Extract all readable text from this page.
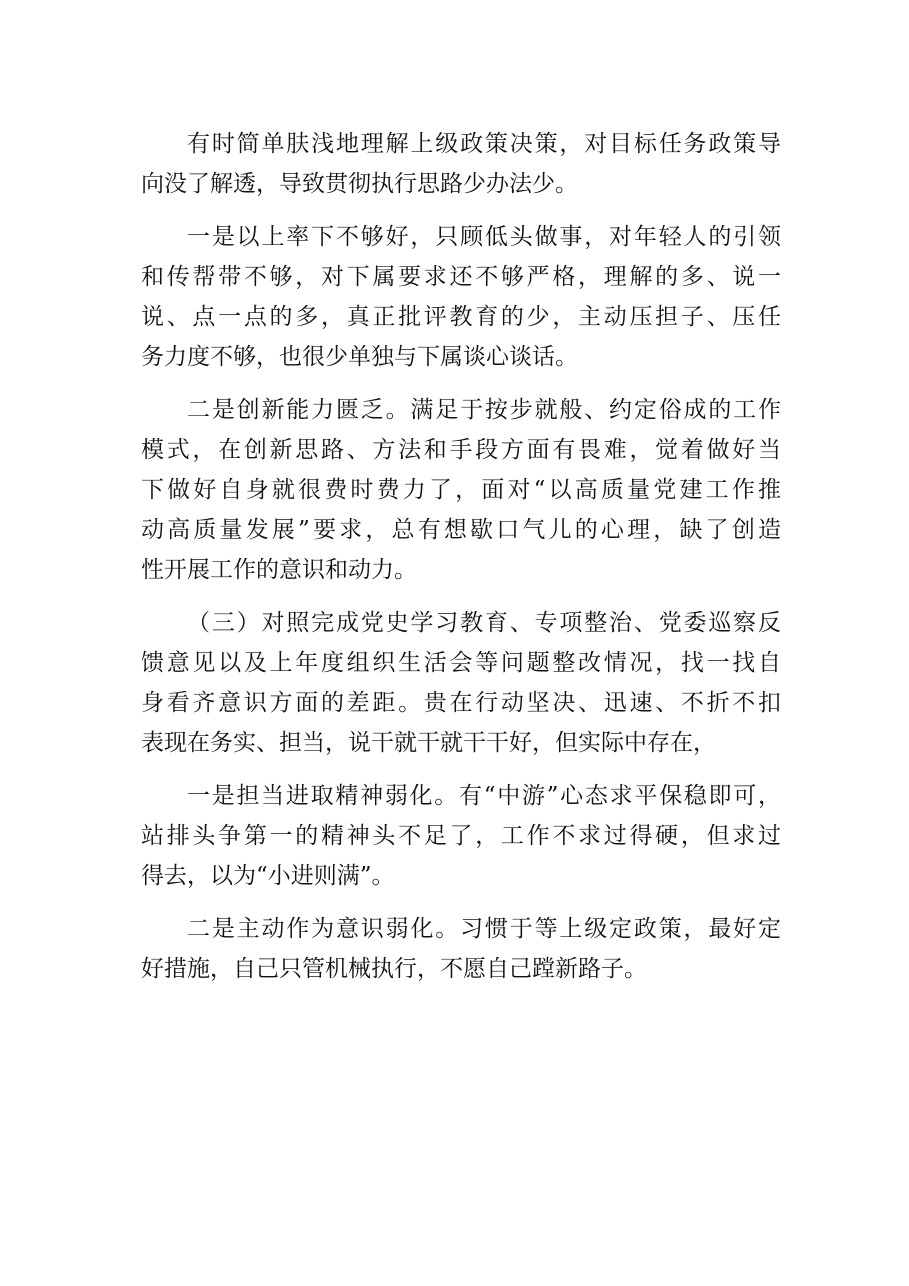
有时简单肤浅地理解上级政策决策，对目标任务政策导
向没了解透，导致贯彻执行思路少办法少。
一是以上率下不够好，只顾低头做事，对年轻人的引领
和传帮带不够，对下属要求还不够严格，理解的多、说一
说、点一点的多，真正批评教育的少，主动压担子、压任
务力度不够，也很少单独与下属谈心谈话。
二是创新能力匮乏。满足于按步就般、约定俗成的工作
模式，在创新思路、方法和手段方面有畏难，觉着做好当
下做好自身就很费时费力了，面对“以高质量党建工作推
动高质量发展”要求，总有想歇口气儿的心理，缺了创造
性开展工作的意识和动力。
（三）对照完成党史学习教育、专项整治、党委巡察反
馈意见以及上年度组织生活会等问题整改情况，找一找自
身看齐意识方面的差距。贵在行动坚决、迅速、不折不扣
表现在务实、担当，说干就干就干干好，但实际中存在，
一是担当进取精神弱化。有“中游”心态求平保稳即可，
站排头争第一的精神头不足了，工作不求过得硬，但求过
得去，以为“小进则满”。
二是主动作为意识弱化。习惯于等上级定政策，最好定
好措施，自己只管机械执行，不愿自己蹚新路子。
